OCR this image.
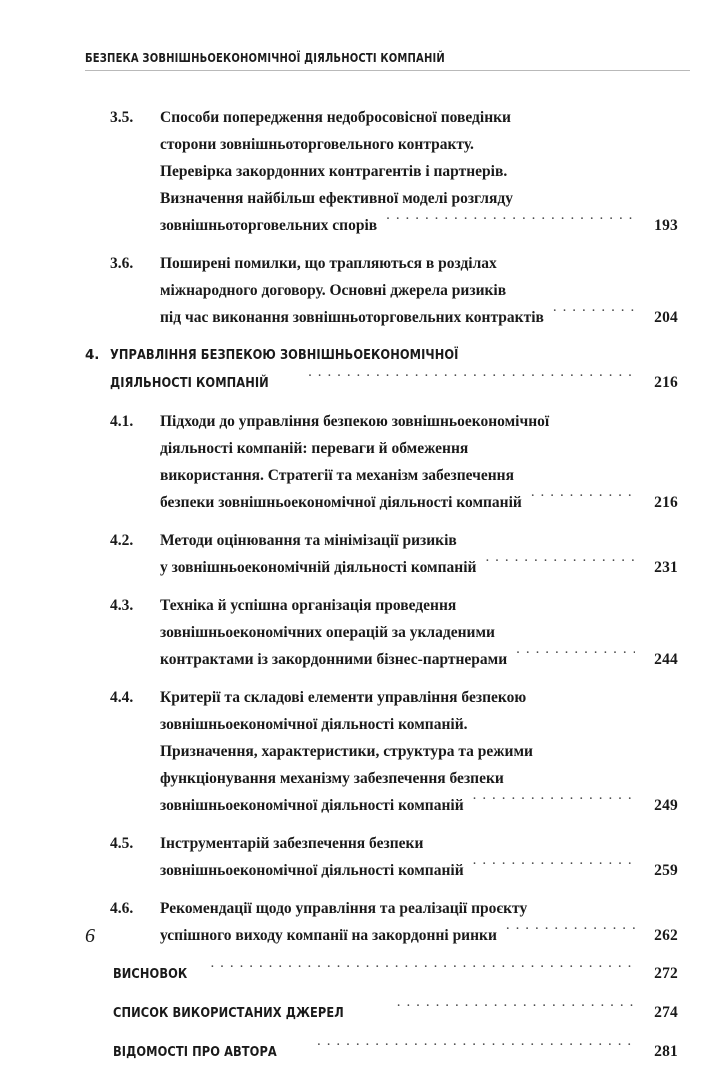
БЕЗПЕКА ЗОВНІШНЬОЕКОНОМІЧНОЇ ДІЯЛЬНОСТІ КОМПАНІЙ
3.5.	Способи попередження недобросовісної поведінки
сторони зовнішньоторговельного контракту.
Перевірка закордонних контрагентів і партнерів.
Визначення найбільш ефективної моделі розгляду
зовнішньоторговельних спорів . . .	193
3.6.	Поширені помилки, що трапляються в розділах
міжнародного договору. Основні джерела ризиків
під час виконання зовнішньоторговельних контрактів . . .	204
4. УПРАВЛІННЯ БЕЗПЕКОЮ ЗОВНІШНЬОЕКОНОМІЧНОЇ
ДІЯЛЬНОСТІ КОМПАНІЙ . . .	216
4.1.	Підходи до управління безпекою зовнішньоекономічної
діяльності компаній: переваги й обмеження
використання. Стратегії та механізм забезпечення
безпеки зовнішньоекономічної діяльності компаній . . .	216
4.2.	Методи оцінювання та мінімізації ризиків
у зовнішньоекономічній діяльності компаній . . .	231
4.3.	Техніка й успішна організація проведення
зовнішньоекономічних операцій за укладеними
контрактами із закордонними бізнес-партнерами . . .	244
4.4.	Критерії та складові елементи управління безпекою
зовнішньоекономічної діяльності компаній.
Призначення, характеристики, структура та режими
функціонування механізму забезпечення безпеки
зовнішньоекономічної діяльності компаній . . .	249
4.5.	Інструментарій забезпечення безпеки
зовнішньоекономічної діяльності компаній . . .	259
4.6.	Рекомендації щодо управління та реалізації проєкту
успішного виходу компанії на закордонні ринки . . .	262
ВИСНОВОК . . .	272
СПИСОК ВИКОРИСТАНИХ ДЖЕРЕЛ . . .	274
ВІДОМОСТІ ПРО АВТОРА . . .	281
6
